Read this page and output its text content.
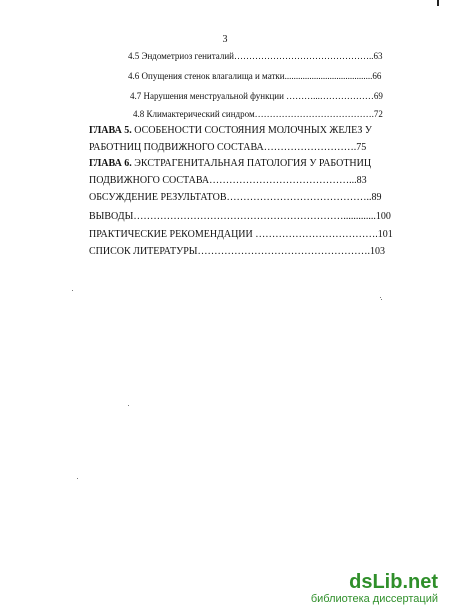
3
4.5 Эндометриоз гениталий………………………………………..63
4.6 Опущения стенок влагалища и матки.......................................66
4.7 Нарушения менструальной функции ………...………………69
4.8 Климактерический синдром………………………………….72
ГЛАВА 5. ОСОБЕНОСТИ СОСТОЯНИЯ МОЛОЧНЫХ ЖЕЛЕЗ У
РАБОТНИЦ ПОДВИЖНОГО СОСТАВА……………………….75
ГЛАВА 6. ЭКСТРАГЕНИТАЛЬНАЯ ПАТОЛОГИЯ У РАБОТНИЦ
ПОДВИЖНОГО СОСТАВА……………………………………...83
ОБСУЖДЕНИЕ РЕЗУЛЬТАТОВ……………………………………..89
ВЫВОДЫ……………………………………………………….............100
ПРАКТИЧЕСКИЕ РЕКОМЕНДАЦИИ ……………………………….101
СПИСОК ЛИТЕРАТУРЫ…………………………………………….103
dsLib.net
библиотека диссертаций
